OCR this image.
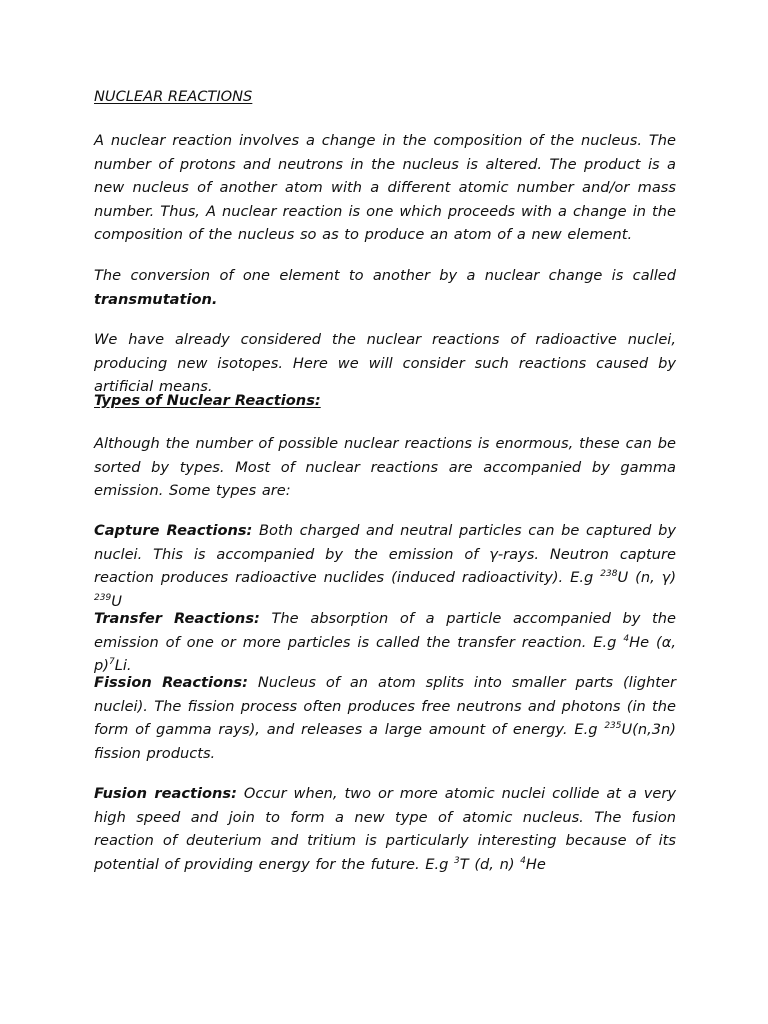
NUCLEAR REACTIONS

A nuclear reaction involves a change in the composition of the nucleus. The number of protons and neutrons in the nucleus is altered. The product is a new nucleus of another atom with a different atomic number and/or mass number. Thus, A nuclear reaction is one which proceeds with a change in the composition of the nucleus so as to produce an atom of a new element.

The conversion of one element to another by a nuclear change is called transmutation.

We have already considered the nuclear reactions of radioactive nuclei, producing new isotopes. Here we will consider such reactions caused by artificial means.

Types of Nuclear Reactions:

Although the number of possible nuclear reactions is enormous, these can be sorted by types. Most of nuclear reactions are accompanied by gamma emission. Some types are:

Capture Reactions: Both charged and neutral particles can be captured by nuclei. This is accompanied by the emission of γ-rays. Neutron capture reaction produces radioactive nuclides (induced radioactivity). E.g $^{238}$U (n, γ) $^{239}$U

Transfer Reactions: The absorption of a particle accompanied by the emission of one or more particles is called the transfer reaction. E.g $^4$He (α, p)$^7$Li.

Fission Reactions: Nucleus of an atom splits into smaller parts (lighter nuclei). The fission process often produces free neutrons and photons (in the form of gamma rays), and releases a large amount of energy. E.g $^{235}$U(n,3n) fission products.

Fusion reactions: Occur when, two or more atomic nuclei collide at a very high speed and join to form a new type of atomic nucleus. The fusion reaction of deuterium and tritium is particularly interesting because of its potential of providing energy for the future. E.g $^3$T (d, n) $^4$He
